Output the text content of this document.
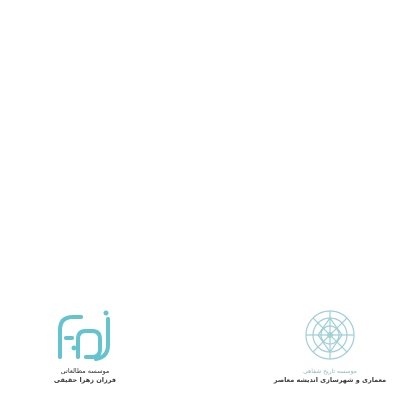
موسسه مطالعاتی
فرزان زهرا حقیقی
موسسه تاریخ شفاهی
معماری و شهرسازی اندیشه معاصر
